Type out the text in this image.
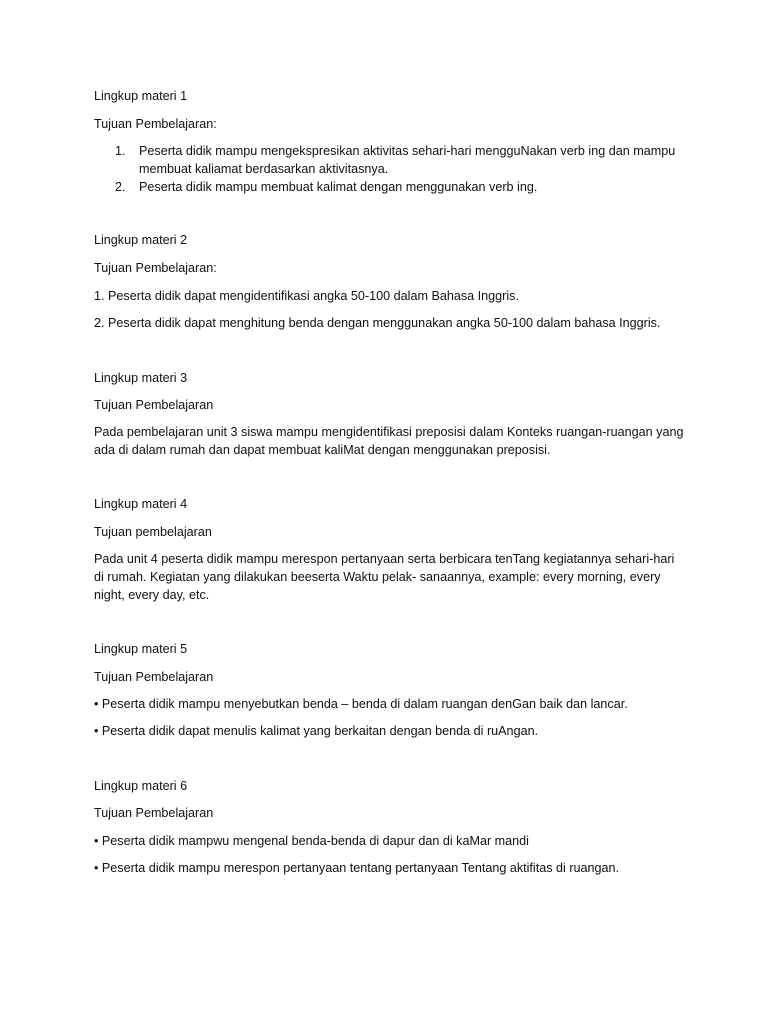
Lingkup materi 1

Tujuan Pembelajaran:

1. Peserta didik mampu mengekspresikan aktivitas sehari-hari mengguNakan verb ing dan mampu membuat kaliamat berdasarkan aktivitasnya.
2. Peserta didik mampu membuat kalimat dengan menggunakan verb ing.

Lingkup materi 2

Tujuan Pembelajaran:

1. Peserta didik dapat mengidentifikasi angka 50-100 dalam Bahasa Inggris.

2. Peserta didik dapat menghitung benda dengan menggunakan angka 50-100 dalam bahasa Inggris.

Lingkup materi 3

Tujuan Pembelajaran

Pada pembelajaran unit 3 siswa mampu mengidentifikasi preposisi dalam Konteks ruangan-ruangan yang ada di dalam rumah dan dapat membuat kaliMat dengan menggunakan preposisi.

Lingkup materi 4

Tujuan pembelajaran

Pada unit 4 peserta didik mampu merespon pertanyaan serta berbicara tenTang kegiatannya sehari-hari di rumah. Kegiatan yang dilakukan beeserta Waktu pelak- sanaannya, example: every morning, every night, every day, etc.

Lingkup materi 5

Tujuan Pembelajaran

• Peserta didik mampu menyebutkan benda – benda di dalam ruangan denGan baik dan lancar.

• Peserta didik dapat menulis kalimat yang berkaitan dengan benda di ruAngan.

Lingkup materi 6

Tujuan Pembelajaran

• Peserta didik mampwu mengenal benda-benda di dapur dan di kaMar mandi

• Peserta didik mampu merespon pertanyaan tentang pertanyaan Tentang aktifitas di ruangan.
